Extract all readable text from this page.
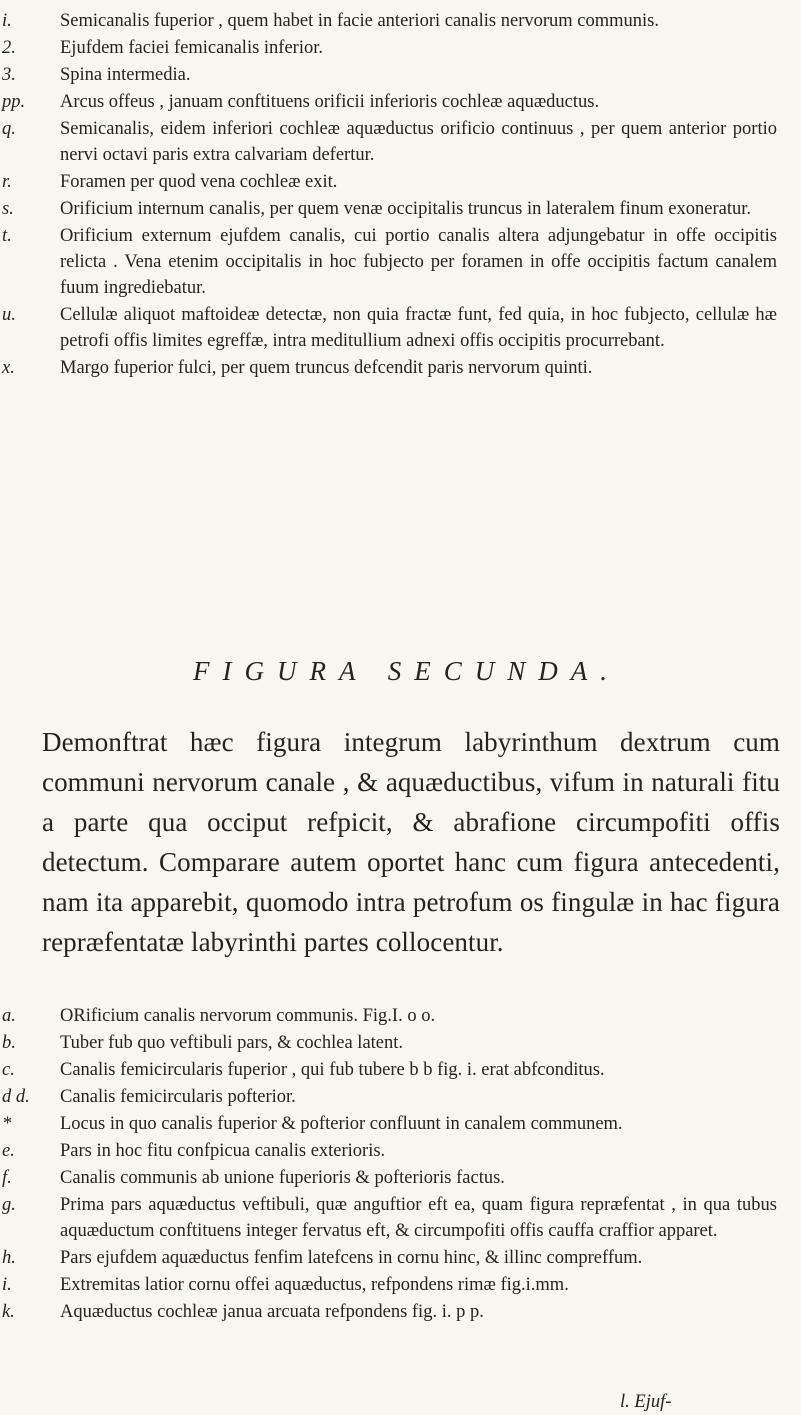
i.	Semicanalis fuperior , quem habet in facie anteriori canalis nervorum communis.
2. Ejufdem faciei femicanalis inferior.
3. Spina intermedia.
pp. Arcus offeus , januam conftituens orificii inferioris cochleæ aquæductus.
q. Semicanalis, eidem inferiori cochleæ aquæductus orificio continuus , per quem anterior portio nervi octavi paris extra calvariam defertur.
r.	Foramen per quod vena cochleæ exit.
s. Orificium internum canalis, per quem venæ occipitalis truncus in lateralem finum exoneratur.
t.	Orificium externum ejufdem canalis, cui portio canalis altera adjungebatur in offe occipitis relicta . Vena etenim occipitalis in hoc fubjecto per foramen in offe occipitis factum canalem fuum ingrediebatur.
u. Cellulæ aliquot maftoideæ detectæ, non quia fractæ funt, fed quia, in hoc fubjecto, cellulæ hæ petrofi offis limites egreffæ, intra meditullium adnexi offis occipitis procurrebant.
x. Margo fuperior fulci, per quem truncus defcendit paris nervorum quinti.
FIGURA SECUNDA.
Demonftrat hæc figura integrum labyrinthum dextrum cum communi nervorum canale , & aquæductibus, vifum in naturali fitu a parte qua occiput refpicit, & abrafione circumpofiti offis detectum. Comparare autem oportet hanc cum figura antecedenti, nam ita apparebit, quomodo intra petrofum os fingulæ in hac figura repræfentatæ labyrinthi partes collocentur.
a.	ORificium canalis nervorum communis. Fig.I. o o.
b.	Tuber fub quo veftibuli pars, & cochlea latent.
c.	Canalis femicircularis fuperior , qui fub tubere b b fig. i. erat abfconditus.
d d.	Canalis femicircularis pofterior.
*	Locus in quo canalis fuperior & pofterior confluunt in canalem communem.
e.	Pars in hoc fitu confpicua canalis exterioris.
f.	Canalis communis ab unione fuperioris & pofterioris factus.
g.	Prima pars aquæductus veftibuli, quæ anguftior eft ea, quam figura repræfentat , in qua tubus aquæductum conftituens integer fervatus eft, & circumpofiti offis cauffa craffior apparet.
h.	Pars ejufdem aquæductus fenfim latefcens in cornu hinc, & illinc compreffum.
i.	Extremitas latior cornu offei aquæductus, refpondens rimæ fig.i.mm.
k.	Aquæductus cochleæ janua arcuata refpondens fig. i. p p.
l. Ejuf-
